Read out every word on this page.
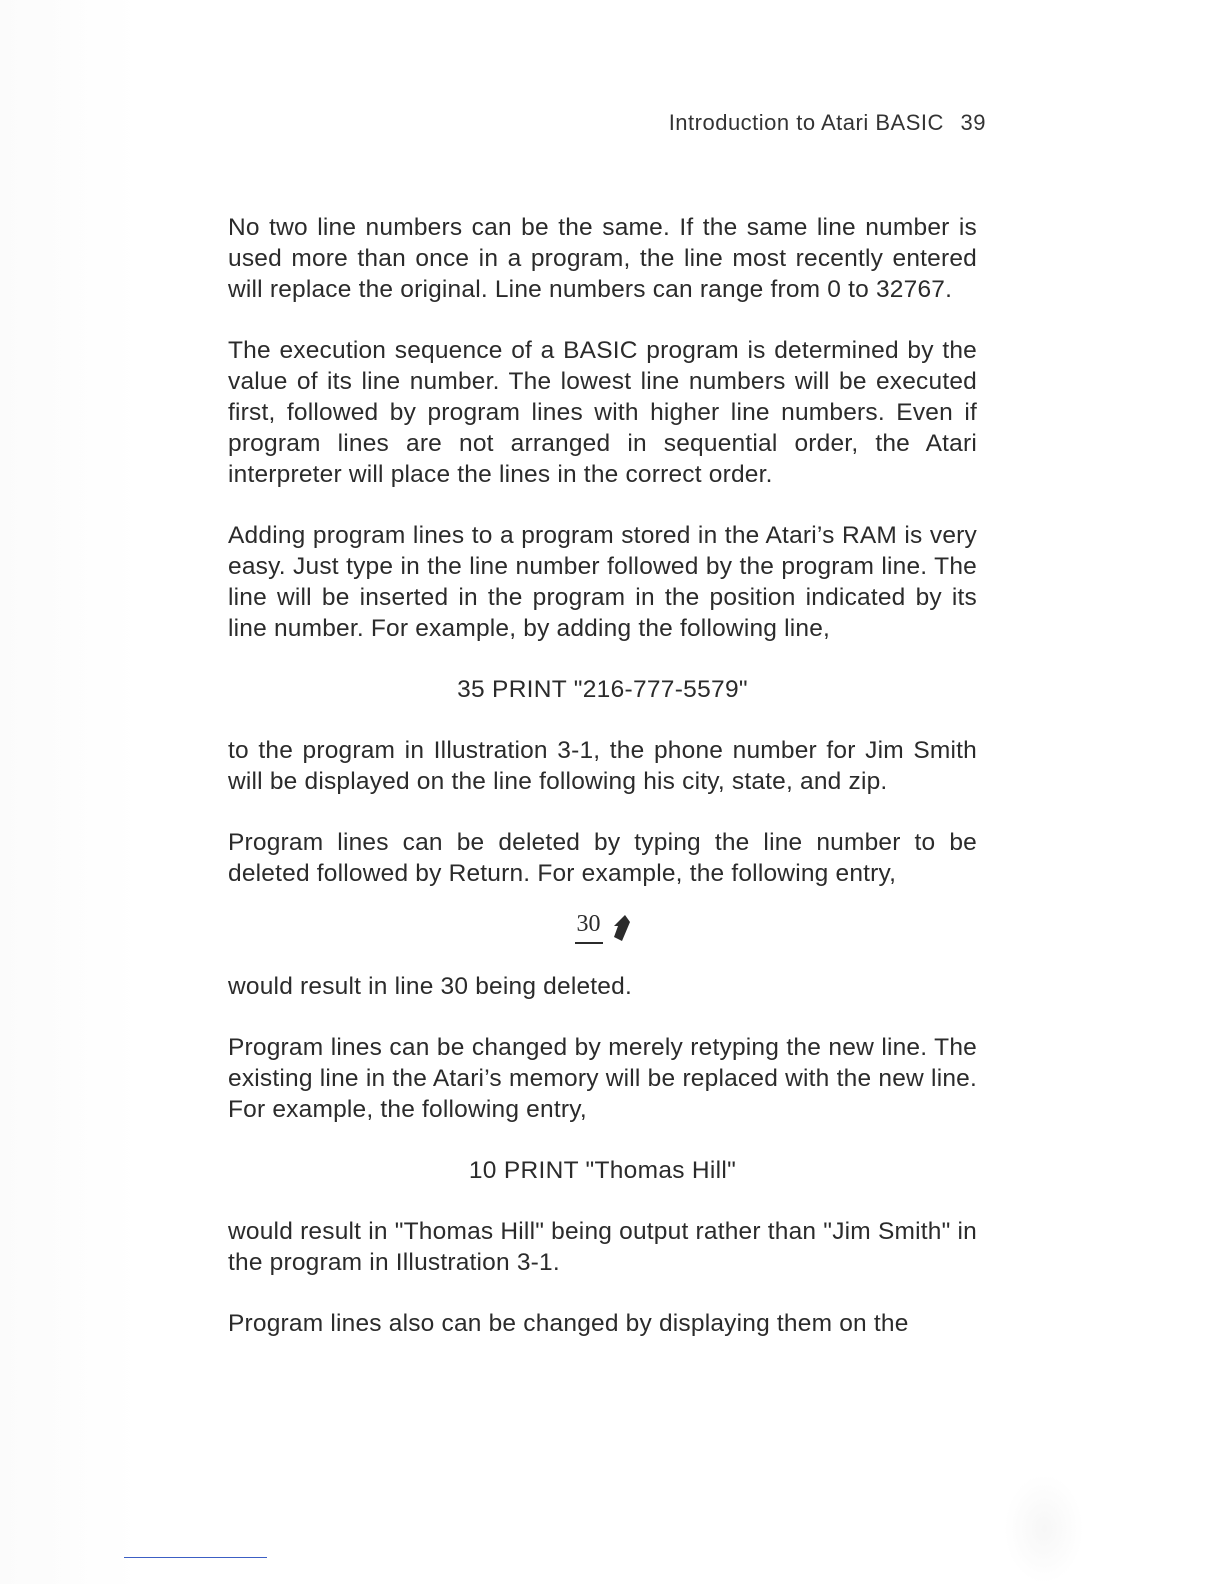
Introduction to Atari BASIC 39

No two line numbers can be the same. If the same line number is used more than once in a program, the line most recently entered will replace the original. Line numbers can range from 0 to 32767.

The execution sequence of a BASIC program is determined by the value of its line number. The lowest line numbers will be executed first, followed by program lines with higher line numbers. Even if program lines are not arranged in sequential order, the Atari interpreter will place the lines in the correct order.

Adding program lines to a program stored in the Atari’s RAM is very easy. Just type in the line number followed by the program line. The line will be inserted in the program in the position indicated by its line number. For example, by adding the following line,

35 PRINT "216-777-5579"

to the program in Illustration 3-1, the phone number for Jim Smith will be displayed on the line following his city, state, and zip.

Program lines can be deleted by typing the line number to be deleted followed by Return. For example, the following entry,

30

would result in line 30 being deleted.

Program lines can be changed by merely retyping the new line. The existing line in the Atari’s memory will be replaced with the new line. For example, the following entry,

10 PRINT "Thomas Hill"

would result in "Thomas Hill" being output rather than "Jim Smith" in the program in Illustration 3-1.

Program lines also can be changed by displaying them on the
